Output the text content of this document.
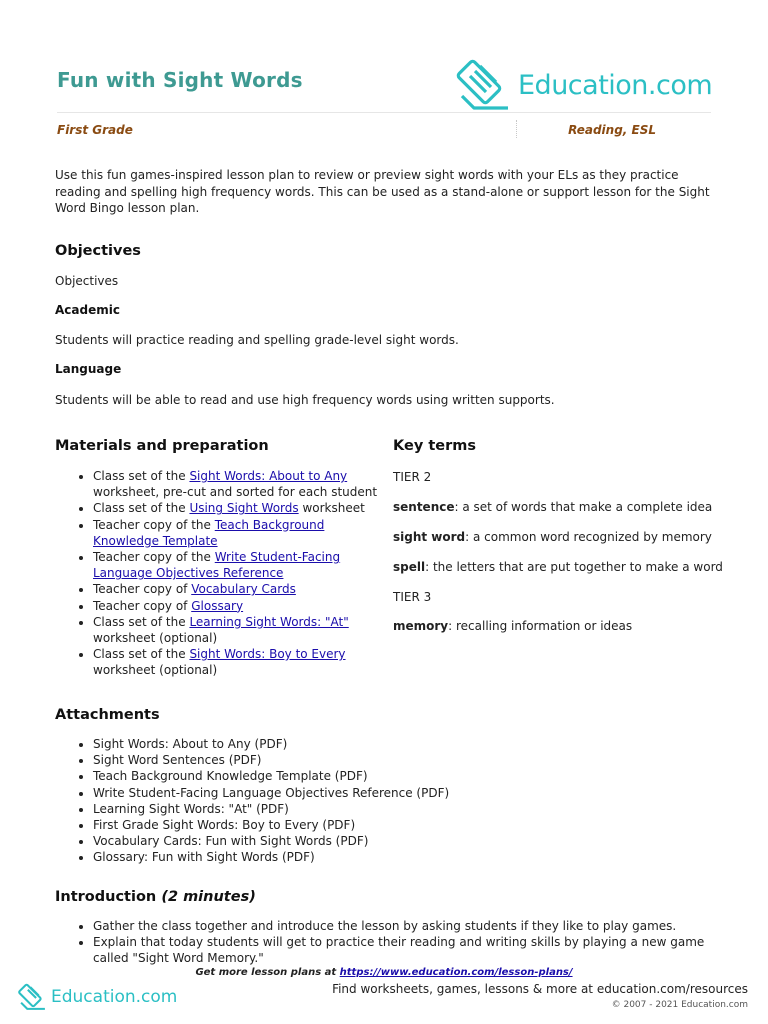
Fun with Sight Words	Education.com
First Grade	Reading, ESL
Use this fun games-inspired lesson plan to review or preview sight words with your ELs as they practice reading and spelling high frequency words. This can be used as a stand-alone or support lesson for the Sight Word Bingo lesson plan.
Objectives
Objectives
Academic
Students will practice reading and spelling grade-level sight words.
Language
Students will be able to read and use high frequency words using written supports.
Materials and preparation
• Class set of the Sight Words: About to Any worksheet, pre-cut and sorted for each student
• Class set of the Using Sight Words worksheet
• Teacher copy of the Teach Background Knowledge Template
• Teacher copy of the Write Student-Facing Language Objectives Reference
• Teacher copy of Vocabulary Cards
• Teacher copy of Glossary
• Class set of the Learning Sight Words: "At" worksheet (optional)
• Class set of the Sight Words: Boy to Every worksheet (optional)
Key terms
TIER 2
sentence: a set of words that make a complete idea
sight word: a common word recognized by memory
spell: the letters that are put together to make a word
TIER 3
memory: recalling information or ideas
Attachments
• Sight Words: About to Any (PDF)
• Sight Word Sentences (PDF)
• Teach Background Knowledge Template (PDF)
• Write Student-Facing Language Objectives Reference (PDF)
• Learning Sight Words: "At" (PDF)
• First Grade Sight Words: Boy to Every (PDF)
• Vocabulary Cards: Fun with Sight Words (PDF)
• Glossary: Fun with Sight Words (PDF)
Introduction (2 minutes)
• Gather the class together and introduce the lesson by asking students if they like to play games.
• Explain that today students will get to practice their reading and writing skills by playing a new game called "Sight Word Memory."
Get more lesson plans at https://www.education.com/lesson-plans/
Education.com	Find worksheets, games, lessons & more at education.com/resources
© 2007 - 2021 Education.com
